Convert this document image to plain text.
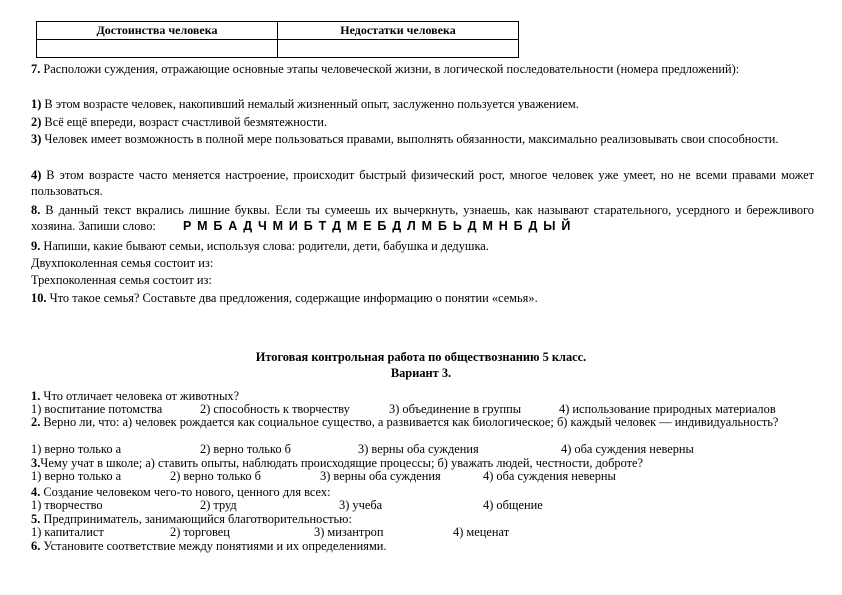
Достоинства человека	Недостатки человека

7. Расположи суждения, отражающие основные этапы человеческой жизни, в логической последовательности (номера предложений):
1) В этом возрасте человек, накопивший немалый жизненный опыт, заслуженно пользуется уважением.
2) Всё ещё впереди, возраст счастливой безмятежности.
3) Человек имеет возможность в полной мере пользоваться правами, выполнять обязанности, максимально реализовывать свои способности.
4) В этом возрасте часто меняется настроение, происходит быстрый физический рост, многое человек уже умеет, но не всеми правами может пользоваться.
8. В данный текст вкрались лишние буквы. Если ты сумеешь их вычеркнуть, узнаешь, как называют старательного, усердного и бережливого хозяина. Запиши слово: Р М Б А Д Ч М И Б Т Д М Е Б Д Л М Б Ь Д М Н Б Д Ы Й
9. Напиши, какие бывают семьи, используя слова: родители, дети, бабушка и дедушка.
Двухпоколенная семья состоит из:
Трехпоколенная семья состоит из:
10. Что такое семья? Составьте два предложения, содержащие информацию о понятии «семья».
Итоговая контрольная работа по обществознанию 5 класс.
Вариант 3.
1. Что отличает человека от животных?
1) воспитание потомства	2) способность к творчеству	3) объединение в группы	4) использование природных материалов
2. Верно ли, что: а) человек рождается как социальное существо, а развивается как биологическое; б) каждый человек — индивидуальность?
1) верно только а	2) верно только б	3) верны оба суждения	4) оба суждения неверны
3.Чему учат в школе; а) ставить опыты, наблюдать происходящие процессы; б) уважать людей, честности, доброте?
1) верно только а	2) верно только б	3) верны оба суждения	4) оба суждения неверны
4. Создание человеком чего-то нового, ценного для всех:
1) творчество	2) труд	3) учеба	4) общение
5. Предприниматель, занимающийся благотворительностью:
1) капиталист	2) торговец	3) мизантроп	4) меценат
6. Установите соответствие между понятиями и их определениями.
